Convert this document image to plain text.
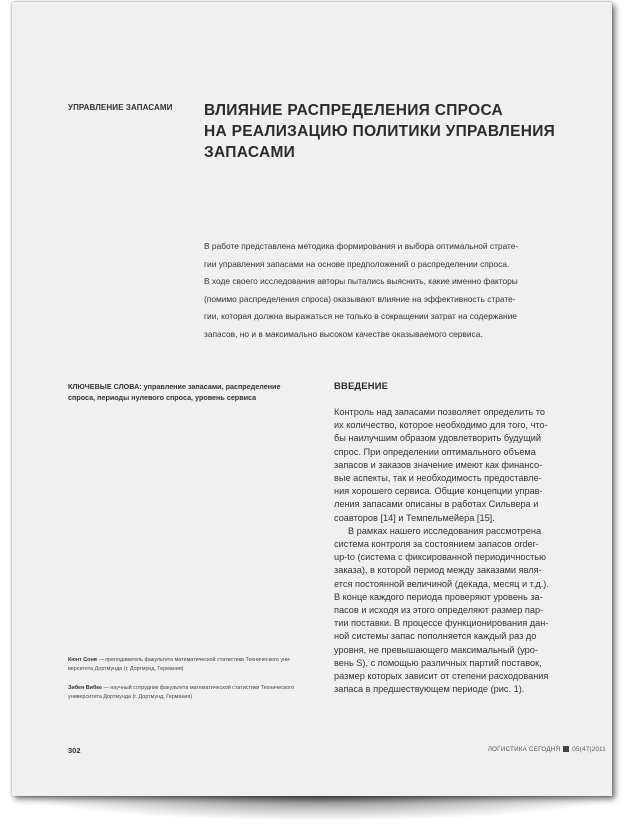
УПРАВЛЕНИЕ ЗАПАСАМИ ВЛИЯНИЕ РАСПРЕДЕЛЕНИЯ СПРОСА
НА РЕАЛИЗАЦИЮ ПОЛИТИКИ УПРАВЛЕНИЯ
ЗАПАСАМИ
В работе представлена методика формирования и выбора оптимальной страте-
гии управления запасами на основе предположений о распределении спроса.
В ходе своего исследования авторы пытались выяснить, какие именно факторы
(помимо распределения спроса) оказывают влияние на эффективность страте-
гии, которая должна выражаться не только в сокращении затрат на содержание
запасов, но и в максимально высоком качестве оказываемого сервиса.
КЛЮЧЕВЫЕ СЛОВА: управление запасами, распределение
спроса, периоды нулевого спроса, уровень сервиса
ВВЕДЕНИЕ
Контроль над запасами позволяет определить то
их количество, которое необходимо для того, что-
бы наилучшим образом удовлетворить будущий
спрос. При определении оптимального объема
запасов и заказов значение имеют как финансо-
вые аспекты, так и необходимость предоставле-
ния хорошего сервиса. Общие концепции управ-
ления запасами описаны в работах Сильвера и
соавторов [14] и Темпельмейера [15].
В рамках нашего исследования рассмотрена
система контроля за состоянием запасов order-
up-to (система с фиксированной периодичностью
заказа), в которой период между заказами явля-
ется постоянной величиной (декада, месяц и т.д.).
В конце каждого периода проверяют уровень за-
пасов и исходя из этого определяют размер пар-
тии поставки. В процессе функционирования дан-
ной системы запас пополняется каждый раз до
уровня, не превышающего максимальный (уро-
вень S), с помощью различных партий поставок,
размер которых зависит от степени расходования
запаса в предшествующем периоде (рис. 1).
Кюнт Соня — преподаватель факультета математической статистики Технического уни-
верситета Дортмунда (г. Дортмунд, Германия)
Зибен Вибке — научный сотрудник факультета математической статистики Технического
университета Дортмунда (г. Дортмунд, Германия)
302	ЛОГИСТИКА СЕГОДНЯ 05(47)2011
